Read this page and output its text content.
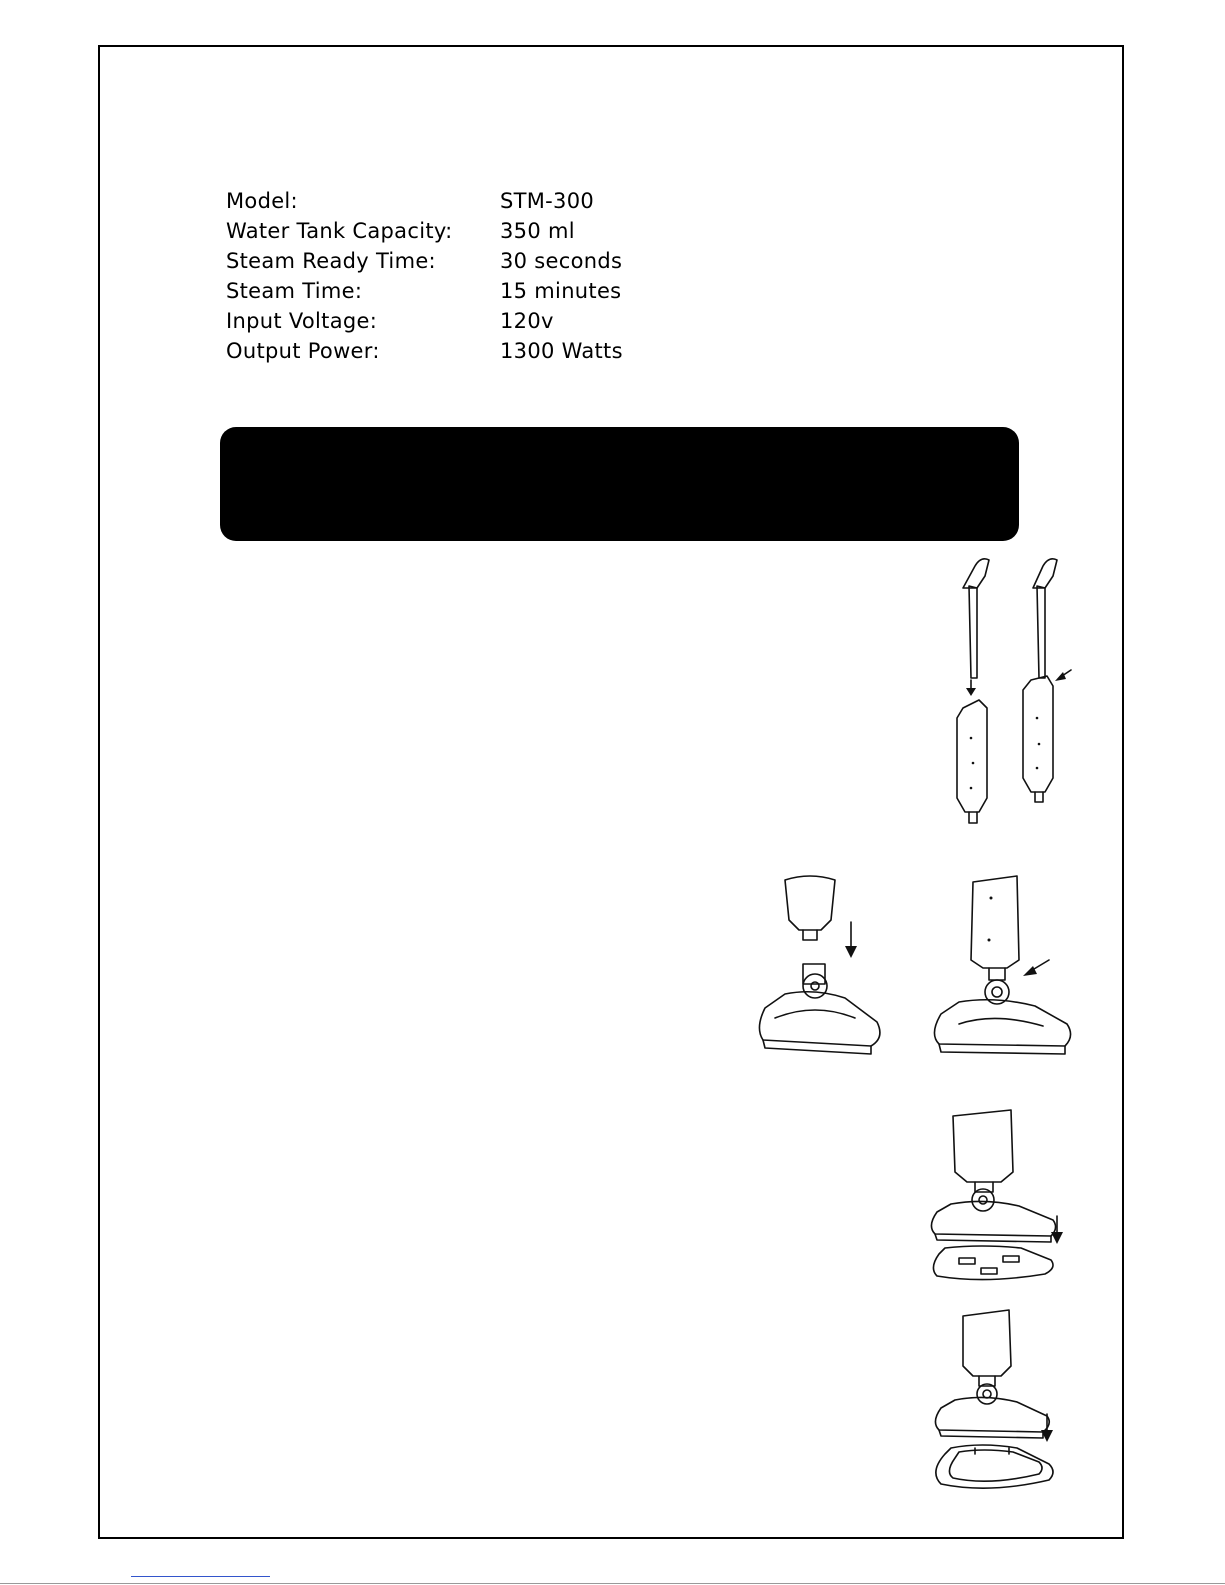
Model:	STM-300
Water Tank Capacity:	350 ml
Steam Ready Time:	30 seconds
Steam Time:	15 minutes
Input Voltage:	120v
Output Power:	1300 Watts
